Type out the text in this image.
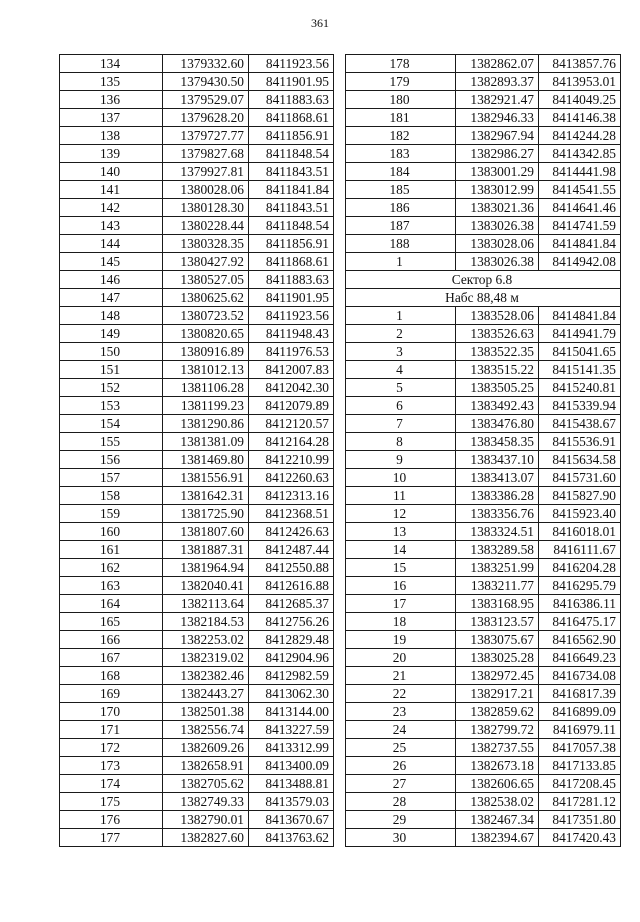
361
134	1379332.60	8411923.56
135	1379430.50	8411901.95
136	1379529.07	8411883.63
137	1379628.20	8411868.61
138	1379727.77	8411856.91
139	1379827.68	8411848.54
140	1379927.81	8411843.51
141	1380028.06	8411841.84
142	1380128.30	8411843.51
143	1380228.44	8411848.54
144	1380328.35	8411856.91
145	1380427.92	8411868.61
146	1380527.05	8411883.63
147	1380625.62	8411901.95
148	1380723.52	8411923.56
149	1380820.65	8411948.43
150	1380916.89	8411976.53
151	1381012.13	8412007.83
152	1381106.28	8412042.30
153	1381199.23	8412079.89
154	1381290.86	8412120.57
155	1381381.09	8412164.28
156	1381469.80	8412210.99
157	1381556.91	8412260.63
158	1381642.31	8412313.16
159	1381725.90	8412368.51
160	1381807.60	8412426.63
161	1381887.31	8412487.44
162	1381964.94	8412550.88
163	1382040.41	8412616.88
164	1382113.64	8412685.37
165	1382184.53	8412756.26
166	1382253.02	8412829.48
167	1382319.02	8412904.96
168	1382382.46	8412982.59
169	1382443.27	8413062.30
170	1382501.38	8413144.00
171	1382556.74	8413227.59
172	1382609.26	8413312.99
173	1382658.91	8413400.09
174	1382705.62	8413488.81
175	1382749.33	8413579.03
176	1382790.01	8413670.67
177	1382827.60	8413763.62
178	1382862.07	8413857.76
179	1382893.37	8413953.01
180	1382921.47	8414049.25
181	1382946.33	8414146.38
182	1382967.94	8414244.28
183	1382986.27	8414342.85
184	1383001.29	8414441.98
185	1383012.99	8414541.55
186	1383021.36	8414641.46
187	1383026.38	8414741.59
188	1383028.06	8414841.84
1	1383026.38	8414942.08
Сектор 6.8		
Набс 88,48 м		
1	1383528.06	8414841.84
2	1383526.63	8414941.79
3	1383522.35	8415041.65
4	1383515.22	8415141.35
5	1383505.25	8415240.81
6	1383492.43	8415339.94
7	1383476.80	8415438.67
8	1383458.35	8415536.91
9	1383437.10	8415634.58
10	1383413.07	8415731.60
11	1383386.28	8415827.90
12	1383356.76	8415923.40
13	1383324.51	8416018.01
14	1383289.58	8416111.67
15	1383251.99	8416204.28
16	1383211.77	8416295.79
17	1383168.95	8416386.11
18	1383123.57	8416475.17
19	1383075.67	8416562.90
20	1383025.28	8416649.23
21	1382972.45	8416734.08
22	1382917.21	8416817.39
23	1382859.62	8416899.09
24	1382799.72	8416979.11
25	1382737.55	8417057.38
26	1382673.18	8417133.85
27	1382606.65	8417208.45
28	1382538.02	8417281.12
29	1382467.34	8417351.80
30	1382394.67	8417420.43
